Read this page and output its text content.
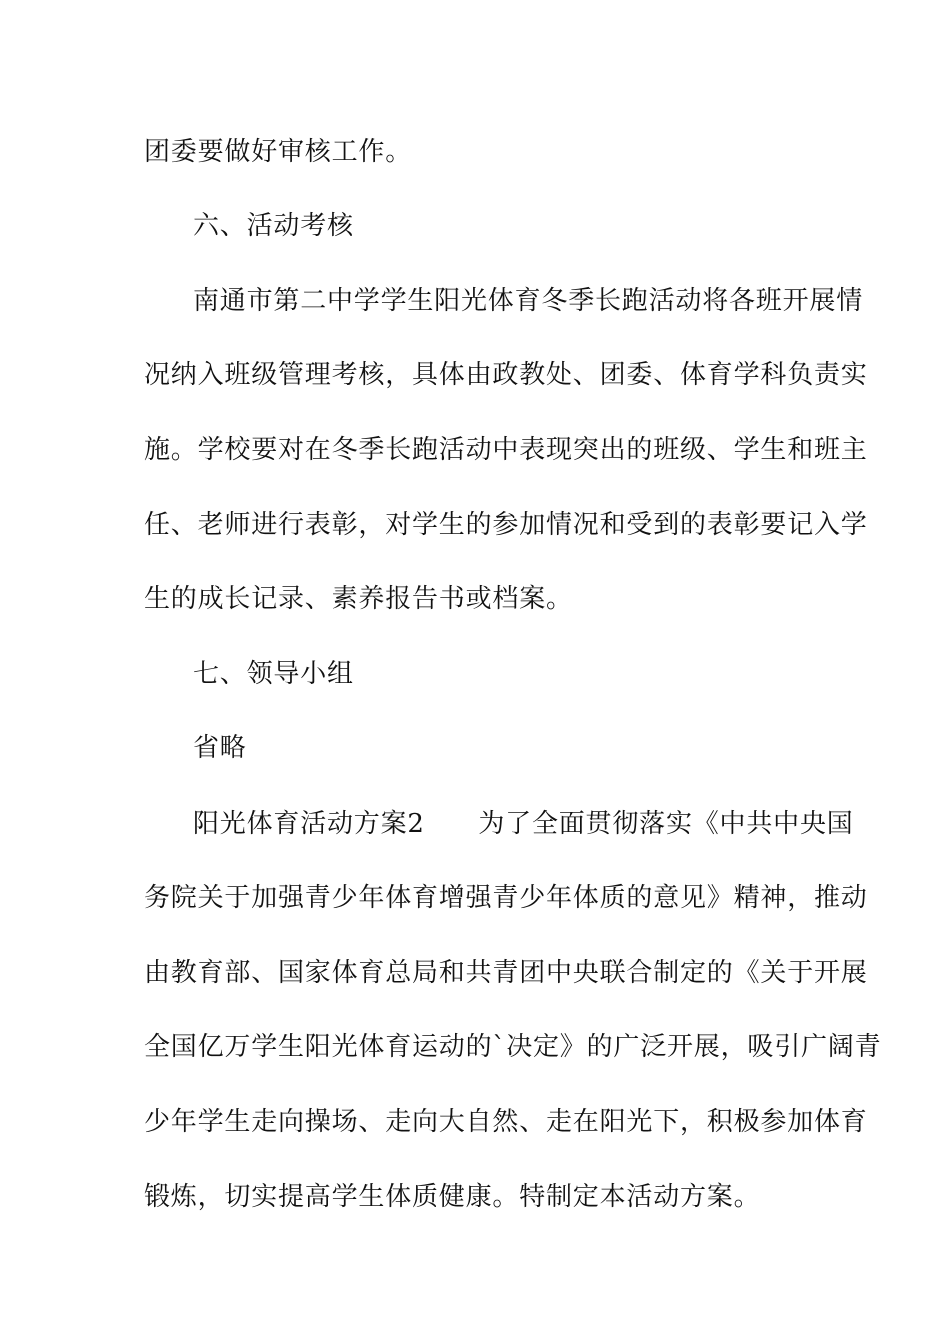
团委要做好审核工作。
六、活动考核
南通市第二中学学生阳光体育冬季长跑活动将各班开展情
况纳入班级管理考核，具体由政教处、团委、体育学科负责实
施。学校要对在冬季长跑活动中表现突出的班级、学生和班主
任、老师进行表彰，对学生的参加情况和受到的表彰要记入学
生的成长记录、素养报告书或档案。
七、领导小组
省略
阳光体育活动方案2　　为了全面贯彻落实《中共中央国
务院关于加强青少年体育增强青少年体质的意见》精神，推动
由教育部、国家体育总局和共青团中央联合制定的《关于开展
全国亿万学生阳光体育运动的`决定》的广泛开展，吸引广阔青
少年学生走向操场、走向大自然、走在阳光下，积极参加体育
锻炼，切实提高学生体质健康。特制定本活动方案。
